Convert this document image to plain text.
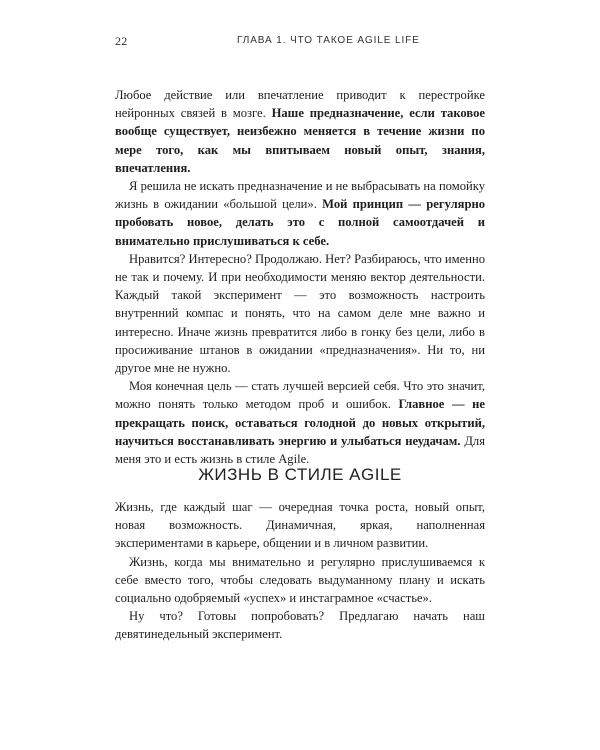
22	ГЛАВА 1. ЧТО ТАКОЕ AGILE LIFE

Любое действие или впечатление приводит к перестройке нейронных связей в мозге. Наше предназначение, если таковое вообще существует, неизбежно меняется в течение жизни по мере того, как мы впитываем новый опыт, знания, впечатления.

Я решила не искать предназначение и не выбрасывать на помойку жизнь в ожидании «большой цели». Мой принцип — регулярно пробовать новое, делать это с полной самоотдачей и внимательно прислушиваться к себе.

Нравится? Интересно? Продолжаю. Нет? Разбираюсь, что именно не так и почему. И при необходимости меняю вектор деятельности. Каждый такой эксперимент — это возможность настроить внутренний компас и понять, что на самом деле мне важно и интересно. Иначе жизнь превратится либо в гонку без цели, либо в просиживание штанов в ожидании «предназначения». Ни то, ни другое мне не нужно.

Моя конечная цель — стать лучшей версией себя. Что это значит, можно понять только методом проб и ошибок. Главное — не прекращать поиск, оставаться голодной до новых открытий, научиться восстанавливать энергию и улыбаться неудачам. Для меня это и есть жизнь в стиле Agile.

ЖИЗНЬ В СТИЛЕ AGILE

Жизнь, где каждый шаг — очередная точка роста, новый опыт, новая возможность. Динамичная, яркая, наполненная экспериментами в карьере, общении и в личном развитии.

Жизнь, когда мы внимательно и регулярно прислушиваемся к себе вместо того, чтобы следовать выдуманному плану и искать социально одобряемый «успех» и инстаграмное «счастье».

Ну что? Готовы попробовать? Предлагаю начать наш девятинедельный эксперимент.
